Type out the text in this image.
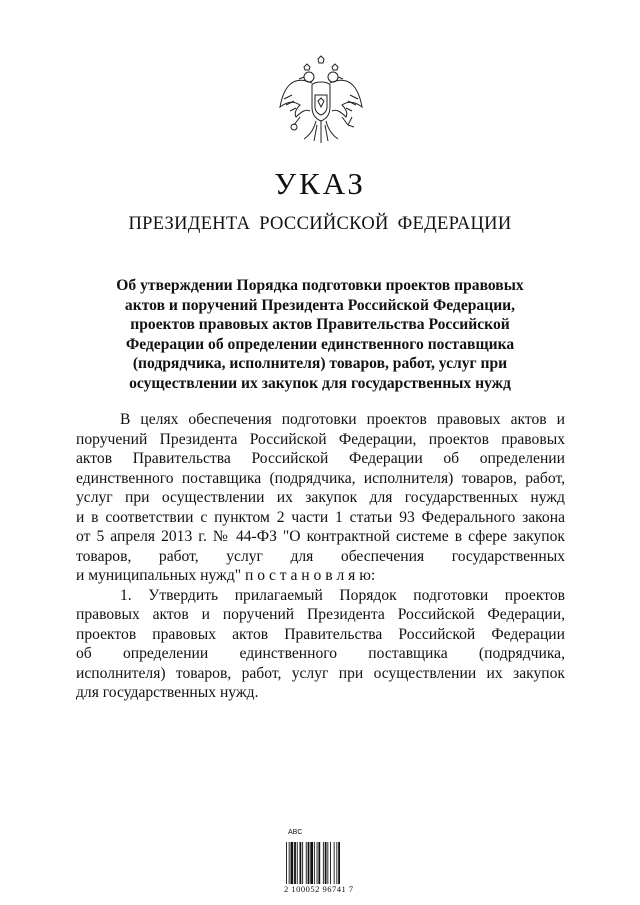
УКАЗ
ПРЕЗИДЕНТА РОССИЙСКОЙ ФЕДЕРАЦИИ
Об утверждении Порядка подготовки проектов правовых
актов и поручений Президента Российской Федерации,
проектов правовых актов Правительства Российской
Федерации об определении единственного поставщика
(подрядчика, исполнителя) товаров, работ, услуг при
осуществлении их закупок для государственных нужд
В целях обеспечения подготовки проектов правовых актов и
поручений Президента Российской Федерации, проектов правовых
актов Правительства Российской Федерации об определении
единственного поставщика (подрядчика, исполнителя) товаров, работ,
услуг при осуществлении их закупок для государственных нужд
и в соответствии с пунктом 2 части 1 статьи 93 Федерального закона
от 5 апреля 2013 г. № 44-ФЗ "О контрактной системе в сфере закупок
товаров, работ, услуг для обеспечения государственных
и муниципальных нужд" п о с т а н о в л я ю:
1. Утвердить прилагаемый Порядок подготовки проектов
правовых актов и поручений Президента Российской Федерации,
проектов правовых актов Правительства Российской Федерации
об определении единственного поставщика (подрядчика,
исполнителя) товаров, работ, услуг при осуществлении их закупок
для государственных нужд.
ABC
2 100052 96741 7
